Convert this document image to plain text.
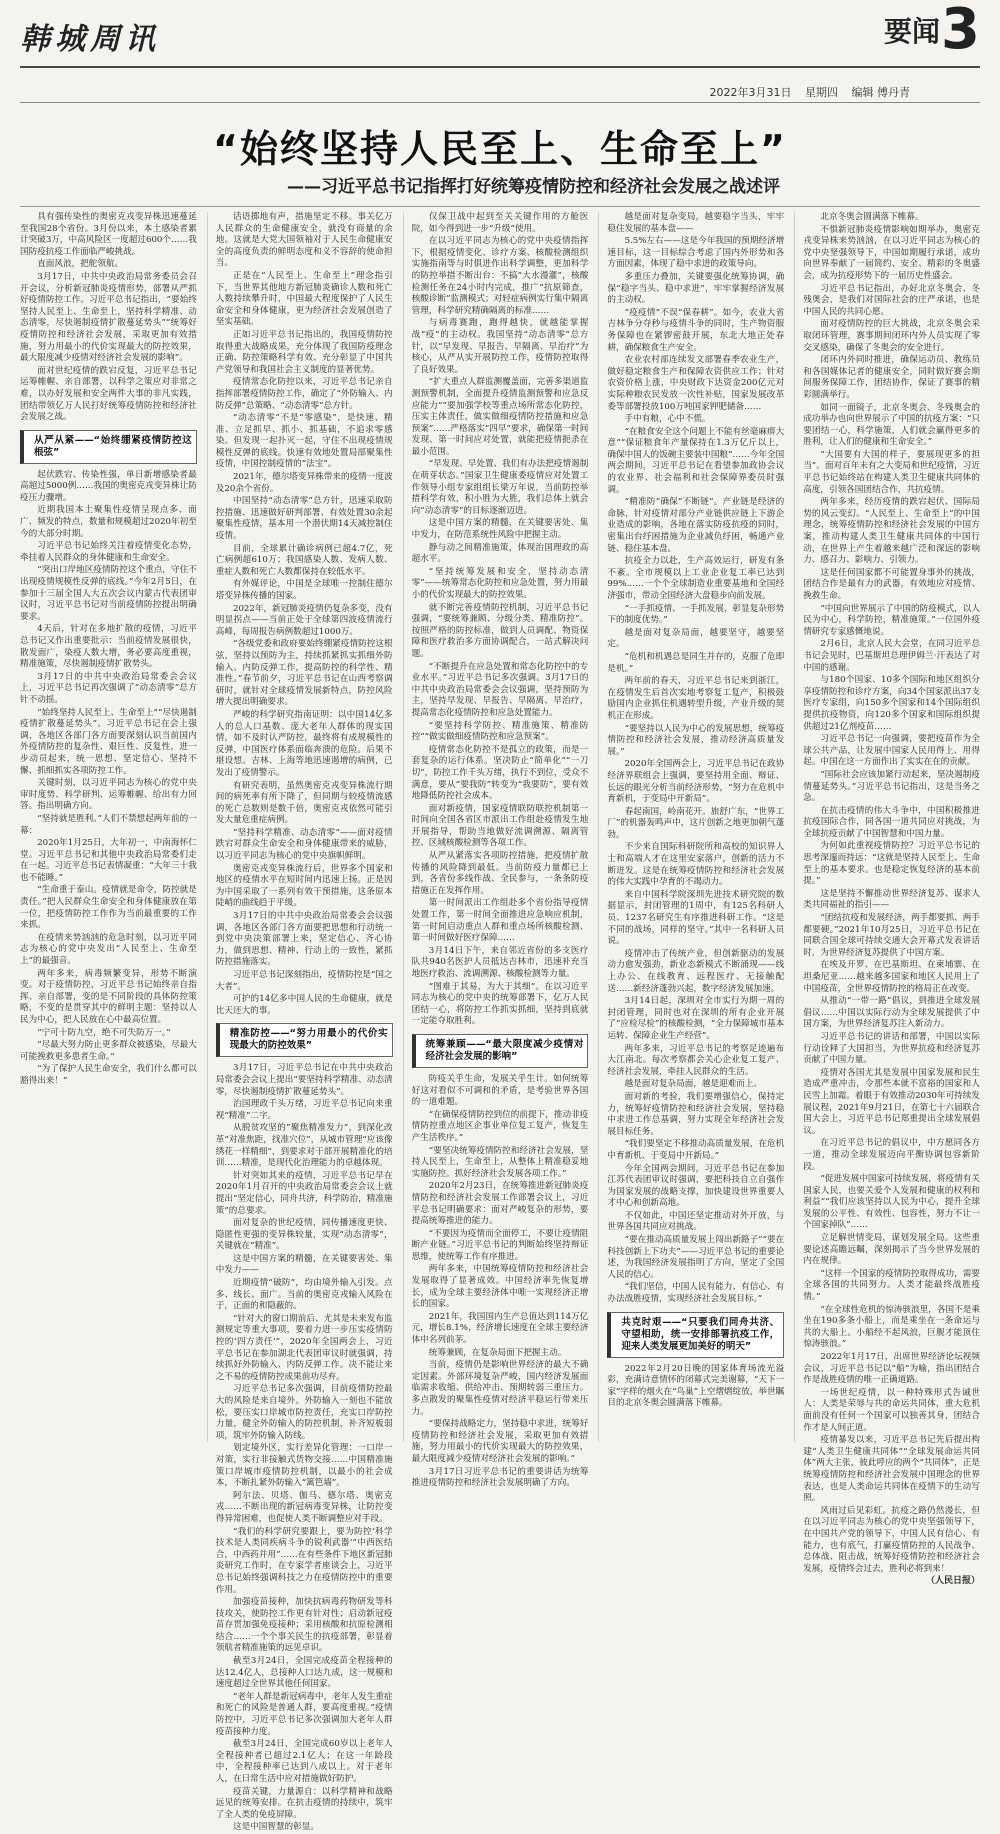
韩城周讯	要闻 3
2022年3月31日 星期四 编辑 傅丹青
“始终坚持人民至上、生命至上”
——习近平总书记指挥打好统筹疫情防控和经济社会发展之战述评

具有强传染性的奥密克戎变异株迅速蔓延至我国28个省份。3月份以来，本土感染者累计突破3万，中高风险区一度超过600个……我国防疫抗疫工作面临严峻挑战。

直面风浪，把舵领航。

3月17日，中共中央政治局常务委员会召开会议，分析新冠肺炎疫情形势，部署从严抓好疫情防控工作。习近平总书记指出，“要始终坚持人民至上、生命至上，坚持科学精准、动态清零，尽快遏制疫情扩散蔓延势头”“统筹好疫情防控和经济社会发展，采取更加有效措施，努力用最小的代价实现最大的防控效果，最大限度减少疫情对经济社会发展的影响”。

面对世纪疫情的跌宕反复，习近平总书记运筹帷幄、亲自部署，以科学之策应对非常之难，以办好发展和安全两件大事的非凡实践，团结带领亿万人民打好统筹疫情防控和经济社会发展之战。

从严从紧——“始终绷紧疫情防控这根弦”

起伏跌宕、传染性强，单日新增感染者最高超过5000例……我国的奥密克戎变异株让防疫压力骤增。

近期我国本土聚集性疫情呈现点多、面广、频发的特点，数量和规模超过2020年初至今的大部分时期。

习近平总书记始终关注着疫情变化态势，牵挂着人民群众的身体健康和生命安全。

“突出口岸地区疫情防控这个重点，守住不出现疫情规模性反弹的底线。”今年2月5日，在参加十三届全国人大五次会议内蒙古代表团审议时，习近平总书记对当前疫情防控提出明确要求。

4天后，针对在多地扩散的疫情，习近平总书记又作出重要批示：当前疫情发展很快，散发面广，染疫人数大增，务必要高度重视，精准施策，尽快遏制疫情扩散势头。

3月17日的中共中央政治局常委会会议上，习近平总书记再次强调了“动态清零”总方针不动摇。

“始终坚持人民至上、生命至上”“尽快遏制疫情扩散蔓延势头”。习近平总书记在会上强调，各地区各部门各方面要深刻认识当前国内外疫情防控的复杂性、艰巨性、反复性，进一步动员起来，统一思想、坚定信心、坚持不懈、抓细抓实各项防控工作。

关键时刻，以习近平同志为核心的党中央审时度势、科学研判、运筹帷幄、给出有力回答。指出明确方向。

“坚持就是胜利。”人们不禁想起两年前的一幕：

2020年1月25日，大年初一，中南海怀仁堂。习近平总书记和其他中央政治局常委们走在一起。习近平总书记表情凝重：“大年三十我也不能睡。”

“生命重于泰山。疫情就是命令，防控就是责任。”把人民群众生命安全和身体健康放在第一位，把疫情防控工作作为当前最重要的工作来抓。

在疫情来势汹汹的危急时刻，以习近平同志为核心的党中央发出“人民至上、生命至上”的最强音。

两年多来，病毒频繁变异，形势不断演变。对于疫情防控，习近平总书记始终亲自指挥、亲自部署，变的是不同阶段的具体防控策略，不变的是贯穿其中的鲜明主题：坚持以人民为中心，把人民放在心中最高位置。

“宁可十防九空，绝不可失防万一。”

“尽最大努力防止更多群众被感染，尽最大可能挽救更多患者生命。”

“为了保护人民生命安全，我们什么都可以豁得出来！”

话语掷地有声，措施坚定不移。事关亿万人民群众的生命健康安全，就没有商量的余地。这就是大党大国领袖对于人民生命健康安全的高度负责的鲜明态度和义不容辞的使命担当。

正是在“人民至上、生命至上”理念指引下，当世界其他地方新冠肺炎确诊人数和死亡人数持续攀升时，中国最大程度保护了人民生命安全和身体健康，更为经济社会发展创造了坚实基础。

正如习近平总书记指出的，我国疫情防控取得重大战略成果，充分体现了我国防疫理念正确、防控策略科学有效、充分彰显了中国共产党领导和我国社会主义制度的显著优势。

疫情常态化防控以来，习近平总书记亲自指挥部署疫情防控工作，确定了“外防输入、内防反弹”总策略、“动态清零”总方针。

“动态清零”不是“零感染”，是快速、精准、立足抓早、抓小、抓基础，不追求零感染。但发现一起扑灭一起，守住不出现疫情规模性反弹的底线。快速有效地处置局部聚集性疫情，中国控制疫情的“法宝”。

2021年，德尔塔变异株带来的疫情一度波及20余个省份。

中国坚持“动态清零”总方针，迅速采取防控措施、迅速做好研判部署、有效处置30余起聚集性疫情，基本用一个潜伏期14天减控制住疫情。

目前，全球累计确诊病例已超4.7亿，死亡病例超610万；我国感染人数、发病人数、重症人数和死亡人数都保持在较低水平。

有外媒评论，中国是全球唯一控制住德尔塔变异株传播的国家。

2022年，新冠肺炎疫情仍复杂多变，没有明显拐点——当前正处于全球第四波疫情流行高峰，每周报告病例数超过1000万。

“各级党委和政府要始终绷紧疫情防控这根弦，坚持以预防为主，持续抓紧抓实抓细外防输入、内防反弹工作，提高防控的科学性、精准性。”春节前夕，习近平总书记在山西考察调研时，就针对全球疫情发展新特点，防控风险增大提出明确要求。

严峻的科学研究指南证明：以中国14亿多人的总人口基数、庞大老年人群体的现实国情，如不及时认严防控，最终将有成规模性的反弹，中国医疗体系面临奔溃的危险。后果不堪设想。吉林、上海等地迅速遏增的病例，已发出了疫情警示。

有研究表明，虽然奥密克戎变异株流行期间的病死率有所下降了，但同期与较疫情流感的死亡总数则是数千倍，奥密克戎依然可能引发大量危重症病例。

“坚持科学精准、动态清零”——面对疫情跌宕对群众生命安全和身体健康带来的威胁，以习近平同志为核心的党中央旗帜鲜明。

奥密克戎变异株流行后，世界多个国家和地区的疫情水平在短时间内迅速上扬。正是因为中国采取了一系列有效干预措施，这条原本陡峭的曲线趋于平缓。

3月17日的中共中央政治局常委会会议强调，各地区各部门各方面要把思想和行动统一到党中央决策部署上来，坚定信心、齐心协力，做到思想、精神、行动上的一致性，紧抓防控措施落实。

习近平总书记深刻指出，疫情防控是“国之大者”。

可护的14亿多中国人民的生命健康，就是比天还大的事。

精准防控——“努力用最小的代价实现最大的防控效果”

3月17日，习近平总书记在中共中央政治局常委会会议上提出“要坚持科学精准、动态清零，尽快遏制疫情扩散蔓延势头”。

治国理政千头万绪，习近平总书记向来重视“精准”二字。

从脱贫攻坚的“聚焦精准发力”，到深化改革“对准焦距，找准穴位”，从城市管理“应该像绣花一样精细”，到要求对干部开展精准化的培训……精准，是现代化治理能力的卓越体现。

针对突如其来的疫情，习近平总书记早在2020年1月召开的中央政治局常委会会议上就提出“坚定信心，同舟共济，科学防治，精准施策”的总要求。

面对复杂的世纪疫情，同传播速度更快、隐匿性更强的变异株较量，实现“动态清零”，关键就在“精准”。

这是中国方案的精髓，在关键要害处、集中发力——

近期疫情“破防”，均由境外输入引发。点多、线长、面广。当前的奥密克戎输入风险在于，正面的和隐蔽的。

“针对大的窗口期前后、尤其是未来发布监测规定等重大事项，要着力进一步压实疫情防控的‘四方责任’”，2020年全国两会上，习近平总书记在参加湖北代表团审议时就强调，持续抓好外防输入、内防反弹工作。决不能让来之不易的疫情防控成果前功尽弃。

习近平总书记多次强调，目前疫情防控最大的风险是来自境外。外防输入一刻也不能放松，要压实口岸城市防控责任，充实口岸防控力量，健全外防输入的防控机制，补齐短板弱项，筑牢外防输入防线。

划定境外区，实行差异化管理：一口岸一对策，实行非接触式货物交接……中国精准施策口岸城市疫情防控机制，以最小的社会成本，不断扎紧外防输入“篱笆墙”。

阿尔法、贝塔、伽马、德尔塔、奥密克戎……不断出现的新冠病毒变异株，让防控变得异常困难，也促使人类不断调整应对手段。

“我们的科学研究要跟上，要为防控‘科学技术是人类同疾病斗争的锐利武器’”中西医结合，中西药并用”……在有些条件下地区新冠肺炎研究工作时，在专家学者座谈会上，习近平总书记始终强调科技之力在疫情防控中的重要作用。

加强疫苗接种，加快抗病毒药物研发等科技攻关，使防控工作更有针对性；启动新冠疫苗存贯加强免疫接种；采用核酸和抗原检测相结合……一个个事关民生的抗疫部署，彰显着领航者精准施策的远见卓识。

截至3月24日，全国完成疫苗全程接种的达12.4亿人，总接种人口达九成，这一规模和速度超过全世界其他任何国家。

“老年人群是新冠病毒中，老年人发生重症和死亡的风险是普通人群，要高度重视。”疫情防控中，习近平总书记多次强调加大老年人群疫苗接种力度。

截至3月24日，全国完成60岁以上老年人全程接种者已超过2.1亿人；在这一年龄段中，全程接种率已达到八成以上。对于老年人，在日常生活中应对措施做好防护。

疫苗关键，力量源自：以科学精神和战略远见的统筹安排。在抗击疫情的持续中，筑牢了全人类的免疫屏障。

这是中国智慧的彰显。

仅保卫战中起到至关关键作用的方舱医院，如今得到进一步“升级”使用。

在以习近平同志为核心的党中央疫情指挥下，根据疫情变化、诊疗方案、核酸检测组织实施指南等与时俱进作出科学调整，更加科学的防控举措不断出台：不搞“大水漫灌”，核酸检测任务在24小时内完成，推广“抗原筛查，核酸诊断”监测模式；对轻症病例实行集中隔离管理，科学研究精确隔离的标准……

与病毒赛跑，跑得越快，就越能掌握战“疫”的主动权。我国坚持“动态清零”总方针，以“早发现、早报告、早隔离、早治疗”为核心，从严从实开展防控工作，疫情防控取得了良好效果。

“扩大重点人群监测覆盖面，完善多渠道监测预警机制，全面提升疫情监测预警和应急反应能力”“要加强学校等重点场所常态化防控，压实主体责任，做实做细疫情防控措施和应急预案”……严格落实“四早”要求，确保第一时间发现、第一时间应对处置，就能把疫情扼杀在最小范围。

“早发现、早处置、我们有办法把疫情遏制在萌芽状态。”国家卫生健康委疫情应对处置工作领导小组专家组组长梁万年说，当前防控举措科学有效，积小胜为大胜，我们总体上就会向“动态清零”的目标逐渐迈进。

这是中国方案的精髓，在关键要害处、集中发力，在防范系统性风险中把握主动。

静与动之间精准施策，体现治国理政的高超水平。

“坚持统筹发展和安全，坚持动态清零”——统筹常态化防控和应急处置，努力用最小的代价实现最大的防控效果。

就不断完善疫情防控机制，习近平总书记强调，“要统筹兼顾、分级分类、精准防控”。按照严格的防控标准，做到人员调配、物资保障和医疗救治多方面协调配合，一站式解决问题。

“不断提升在应急处置和常态化防控中的专业水平。”习近平总书记多次强调。3月17日的中共中央政治局常委会会议强调，坚持预防为主，坚持早发现、早报告、早隔离、早治疗，提高常态化疫情防控和应急处置能力。

“要坚持科学防控、精准施策、精准防控”“做实做细疫情防控和应急预案”。

疫情常态化防控不是孤立的政策，而是一套复杂的运行体系。坚决防止“简单化”“一刀切”，防控工作千头万绪，执行不到位，受众不满意，要从“要我防”转变为“我要防”，要有效地降低防控社会成本。

面对新疫情，国家疫情联防联控机制第一时间向全国各省区市派出工作组赴疫情发生地开展指导，帮助当地做好流调溯源、隔离管控、区域核酸检测等各项工作。

从严从紧落实各项防控措施，把疫情扩散传播的风险降到最低。当前防疫力量都已上到，各省份多线作战、全民参与，一条条防疫措施正在发挥作用。

第一时间派出工作组赴多个省份指导疫情处置工作，第一时间全面推进应急响应机制，第一时间启动重点人群和重点场所核酸检测、第一时间做好医疗保障……

3月14日下午，来自邻近省份的多支医疗队共940名医护人员抵达吉林市，迅速补充当地医疗救治、流调溯源、核酸检测等力量。

“图难于其易，为大于其细”。在以习近平同志为核心的党中央的统筹部署下，亿万人民团结一心，将防控工作抓实抓细，坚持到底就一定能夺取胜利。

统筹兼顾——“最大限度减少疫情对经济社会发展的影响”

防疫关乎生命，发展关乎生计。如何统筹好这对看似不可调和的矛盾，是考验世界各国的一道难题。

“在确保疫情防控到位的前提下，推动非疫情防控重点地区企事业单位复工复产，恢复生产生活秩序。”

“要坚决统筹疫情防控和经济社会发展，坚持人民至上，生命至上，从整体上精准稳妥地实施防控。抓好经济社会发展各项工作。”

2020年2月23日，在统筹推进新冠肺炎疫情防控和经济社会发展工作部署会议上，习近平总书记明确要求：面对严峻复杂的形势，要提高统筹推进的能力。

“不要因为疫情而全面停工，不要让疫情阻断产业链。”习近平总书记的判断始终坚持辩证思维，使统筹工作有序推进。

两年多来，中国统筹疫情防控和经济社会发展取得了显著成效。中国经济率先恢复增长，成为全球主要经济体中唯一实现经济正增长的国家。

2021年，我国国内生产总值达到114万亿元，增长8.1%，经济增长速度在全球主要经济体中名列前茅。

统筹兼顾，在复杂局面下把握主动。

当前，疫情仍是影响世界经济的最大不确定因素。外部环境复杂严峻，国内经济发展面临需求收缩、供给冲击、预期转弱三重压力。多点散发的聚集性疫情对经济平稳运行带来压力。

“要保持战略定力，坚持稳中求进，统筹好疫情防控和经济社会发展，采取更加有效措施，努力用最小的代价实现最大的防控效果，最大限度减少疫情对经济社会发展的影响。”

3月17日习近平总书记的重要讲话为统筹推进疫情防控和经济社会发展明确了方向。

越是面对复杂变局，越要稳字当头，牢牢稳住发展的基本盘——

5.5%左右——这是今年我国的预期经济增速目标，这一目标综合考虑了国内外形势和各方面因素，体现了稳中求进的政策导向。

多重压力叠加，关键要强化统筹协调，确保“稳字当头、稳中求进”，牢牢掌握经济发展的主动权。

“疫疫情”不误“保春耕”。如今，农业大省吉林争分夺秒与疫情斗争的同时，生产物资服务保障也在紧锣密鼓开展，东北大地正处春耕，确保粮食生产安全。

农业农村部连续发文部署春季农业生产，做好稳定粮食生产和保障农资供应工作；针对农资价格上涨，中央财政下达资金200亿元对实际种粮农民发放一次性补贴，国家发展改革委等部署投放100万吨国家钾肥储备……

手中有粮，心中不慌。

“在粮食安全这个问题上不能有丝毫麻痹大意”“保证粮食年产量保持在1.3万亿斤以上，确保中国人的饭碗主要装中国粮”……今年全国两会期间，习近平总书记在看望参加政协会议的农业界、社会福利和社会保障界委员时强调。

“精准防”确保“不断链”。产业链是经济的命脉，针对疫情对部分产业链供应链上下游企业造成的影响，各地在落实防疫抗疫的同时，密集出台纾困措施为企业减负纾困，畅通产业链、稳住基本盘。

抗疫全力以赴，生产高效运行，研发有条不紊。全市规模以上工业企业复工率已达到99%……一个个全球制造业重要基地和全国经济强市，带动全国经济大盘稳步向前发展。

“一手抓疫情、一手抓发展，彰显复杂形势下的制度优势。”

越是面对复杂局面，越要坚守，越要坚定。

“危机和机遇总是同生并存的，克服了危即是机。”

两年前的春天，习近平总书记来到浙江，在疫情发生后首次实地考察复工复产，积极鼓励国内企业抓住机遇转型升级，产业升级的契机正在形成。

“要坚持以人民为中心的发展思想，统筹疫情防控和经济社会发展，推动经济高质量发展。”

2020年全国两会上，习近平总书记在政协经济界联组会上强调，要坚持用全面、辩证、长远的眼光分析当前经济形势，“努力在危机中育新机，于变局中开新局”。

春起南国，岭南花开。旅舒广东，“世界工厂”的机器轰鸣声中，这片创新之地更加朝气蓬勃。

不少来自国际科研院所和高校的知识界人士和高端人才在这里安家落户，创新的活力不断迸发。这是在统筹疫情防控和经济社会发展的伟大实践中孕育的不竭动力。

来自中国科学院深圳先进技术研究院的数据显示，封闭管理的1周中，有125名科研人员、1237名研究生有序推进科研工作。“这是不同的战场，同样的坚守。”其中一名科研人员说。

疫情冲击了传统产业，但创新驱动的发展动力愈发强劲，新业态新模式不断涌现——线上办公、在线教育、远程医疗、无接触配送……新经济蓬勃兴起，数字经济发展加速。

3月14日起，深圳对全市实行为期一周的封闭管理，同时也对在深圳的所有企业开展了“应检尽检”的核酸检测，“全力保障城市基本运转、保障企业生产经营”。

两年多来，习近平总书记的考察足迹遍布大江南北。每次考察都会关心企业复工复产、经济社会发展，牵挂人民群众的生活。

越是面对复杂局面，越是迎难而上。

面对新的考验，我们要增强信心，保持定力，统筹好疫情防控和经济社会发展，坚持稳中求进工作总基调，努力实现全年经济社会发展目标任务。

“我们要坚定不移推动高质量发展，在危机中育新机、于变局中开新局。”

今年全国两会期间，习近平总书记在参加江苏代表团审议时强调，要把科技自立自强作为国家发展的战略支撑，加快建设世界重要人才中心和创新高地。

不仅如此，中国还坚定推动对外开放，与世界各国共同应对挑战。

“要在推动高质量发展上闯出新路子”“要在科技创新上下功夫”——习近平总书记的重要论述，为我国经济发展指明了方向，坚定了全国人民的信心。

“我们坚信，中国人民有能力、有信心、有办法战胜疫情，实现经济社会发展目标。”

共克时艰——“只要我们同舟共济、守望相助，统一安排部署抗疫工作，迎来人类发展更加美好的明天”

2022年2月20日晚的国家体育场流光溢彩，充满诗意情怀的闭幕式完美谢幕，“天下一家”字样的烟火在“鸟巢”上空熠熠绽放，举世瞩目的北京冬奥会圆满落下帷幕。

北京冬奥会圆满落下帷幕。

不惧新冠肺炎疫情影响如期举办，奥密克戎变异株来势汹汹，在以习近平同志为核心的党中央坚强领导下，中国如期履行承诺，成功向世界奉献了一届简约、安全、精彩的冬奥盛会，成为抗疫形势下的一届历史性盛会。

习近平总书记指出，办好北京冬奥会、冬残奥会，是我们对国际社会的庄严承诺，也是中国人民的共同心愿。

面对疫情防控的巨大挑战，北京冬奥会采取闭环管理，赛事期间闭环内外人员实现了零交叉感染，确保了冬奥会的安全进行。

闭环内外同时推进，确保运动员、教练员和各国媒体记者的健康安全，同时做好赛会期间服务保障工作，团结协作，保证了赛事的精彩圆满举行。

如同一面镜子，北京冬奥会、冬残奥会的成功举办也向世界展示了中国的抗疫方案：“只要团结一心，科学施策，人们就会赢得更多的胜利，让人们的健康和生命安全。”

“大国要有大国的样子，要展现更多的担当”。面对百年未有之大变局和世纪疫情，习近平总书记始终站在构建人类卫生健康共同体的高度，引领各国团结合作，共抗疫情。

两年多来，经历疫情的跌宕起伏、国际局势的风云变幻。“人民至上、生命至上”的中国理念，统筹疫情防控和经济社会发展的中国方案，推动构建人类卫生健康共同体的中国行动，在世界上产生着越来越广泛和深远的影响力、感召力、影响力、引领力。

这是任何国家都不可能置身事外的挑战，团结合作是最有力的武器，有效地应对疫情、挽救生命。

“中国向世界展示了中国的防疫模式，以人民为中心，科学防控，精准施策。”一位国外疫情研究专家感慨地说。

2月6日，北京人民大会堂，在同习近平总书记会见时，巴基斯坦总理伊姆兰·汗表达了对中国的感谢。

与180个国家、10多个国际和地区组织分享疫情防控和诊疗方案，向34个国家派出37支医疗专家组，向150多个国家和14个国际组织提供抗疫物资，向120多个国家和国际组织提供超过21亿剂疫苗……

习近平总书记一向强调，要把疫苗作为全球公共产品，让发展中国家人民用得上、用得起。中国在这一方面作出了实实在在的贡献。

“国际社会应该加紧行动起来，坚决遏制疫情蔓延势头。”习近平总书记指出，这是当务之急。

在抗击疫情的伟大斗争中，中国积极推进抗疫国际合作，同各国一道共同应对挑战，为全球抗疫贡献了中国智慧和中国力量。

为何如此重视疫情防控？习近平总书记的思考深邃而持远：“这就是坚持人民至上、生命至上的基本要求。也是稳定恢复经济的基本前提。”

这是坚持不懈推动世界经济复苏、谋求人类共同福祉的指引——

“团结抗疫和发展经济，两手都要抓、两手都要硬。”2021年10月25日，习近平总书记在同联合国全球可持续交通大会开幕式发表讲话时，为世界经济复苏提供了中国方案。

在埃及开罗、在巴基斯坦、在柬埔寨、在坦桑尼亚……越来越多国家和地区人民用上了中国疫苗，全世界疫情防控的格局正在改变。

从推动“一带一路”倡议，到推进全球发展倡议……中国以实际行动为全球发展提供了中国方案，为世界经济复苏注入新动力。

习近平总书记的讲话和部署，中国以实际行动诠释了大国担当，为世界抗疫和经济复苏贡献了中国力量。

疫情对各国尤其是发展中国家发展和民生造成严重冲击，令那些本就不富裕的国家和人民雪上加霜。着眼于有效推动2030年可持续发展议程，2021年9月21日，在第七十六届联合国大会上，习近平总书记郑重提出全球发展倡议。

在习近平总书记的倡议中，中方愿同各方一道，推动全球发展迈向平衡协调包容新阶段。

“促进发展中国家可持续发展，将疫情有关国家人民，也要关爱个人发展和健康的权利和利益”“我们应该坚持以人民为中心，提升全球发展的公平性、有效性、包容性，努力不让一个国家掉队”……

立足解世情变局，谋划发展全局。这些重要论述高瞻远瞩，深刻揭示了当今世界发展的内在规律。

“这样一个国家的疫情防控取得成功，需要全球各国的共同努力。人类才能最终战胜疫情。”

“在全球性危机的惊涛骇浪里，各国不是乘坐在190多条小船上，而是乘坐在一条命运与共的大船上。小船经不起风浪，巨舰才能顶住惊涛骇浪。”

2022年1月17日，出席世界经济论坛视频会议，习近平总书记以“船”为喻，指出团结合作是战胜疫情的唯一正确道路。

一场世纪疫情，以一种特殊形式告诫世人：人类是荣辱与共的命运共同体，重大危机面前没有任何一个国家可以独善其身，团结合作才是人间正道。

疫情暴发以来，习近平总书记先后提出构建“人类卫生健康共同体”“全球发展命运共同体”两大主张，彼此呼应的两个“共同体”，正是统筹疫情防控和经济社会发展中国理念的世界表达，也是人类命运共同体在疫情下的生动写照。

风雨过后见彩虹。抗疫之路仍然漫长，但在以习近平同志为核心的党中央坚强领导下，在中国共产党的领导下，中国人民有信心、有能力，也有底气，打赢疫情防控的人民战争、总体战、阻击战，统筹好疫情防控和经济社会发展，疫情终会过去，胜利必将到来！

（人民日报）
